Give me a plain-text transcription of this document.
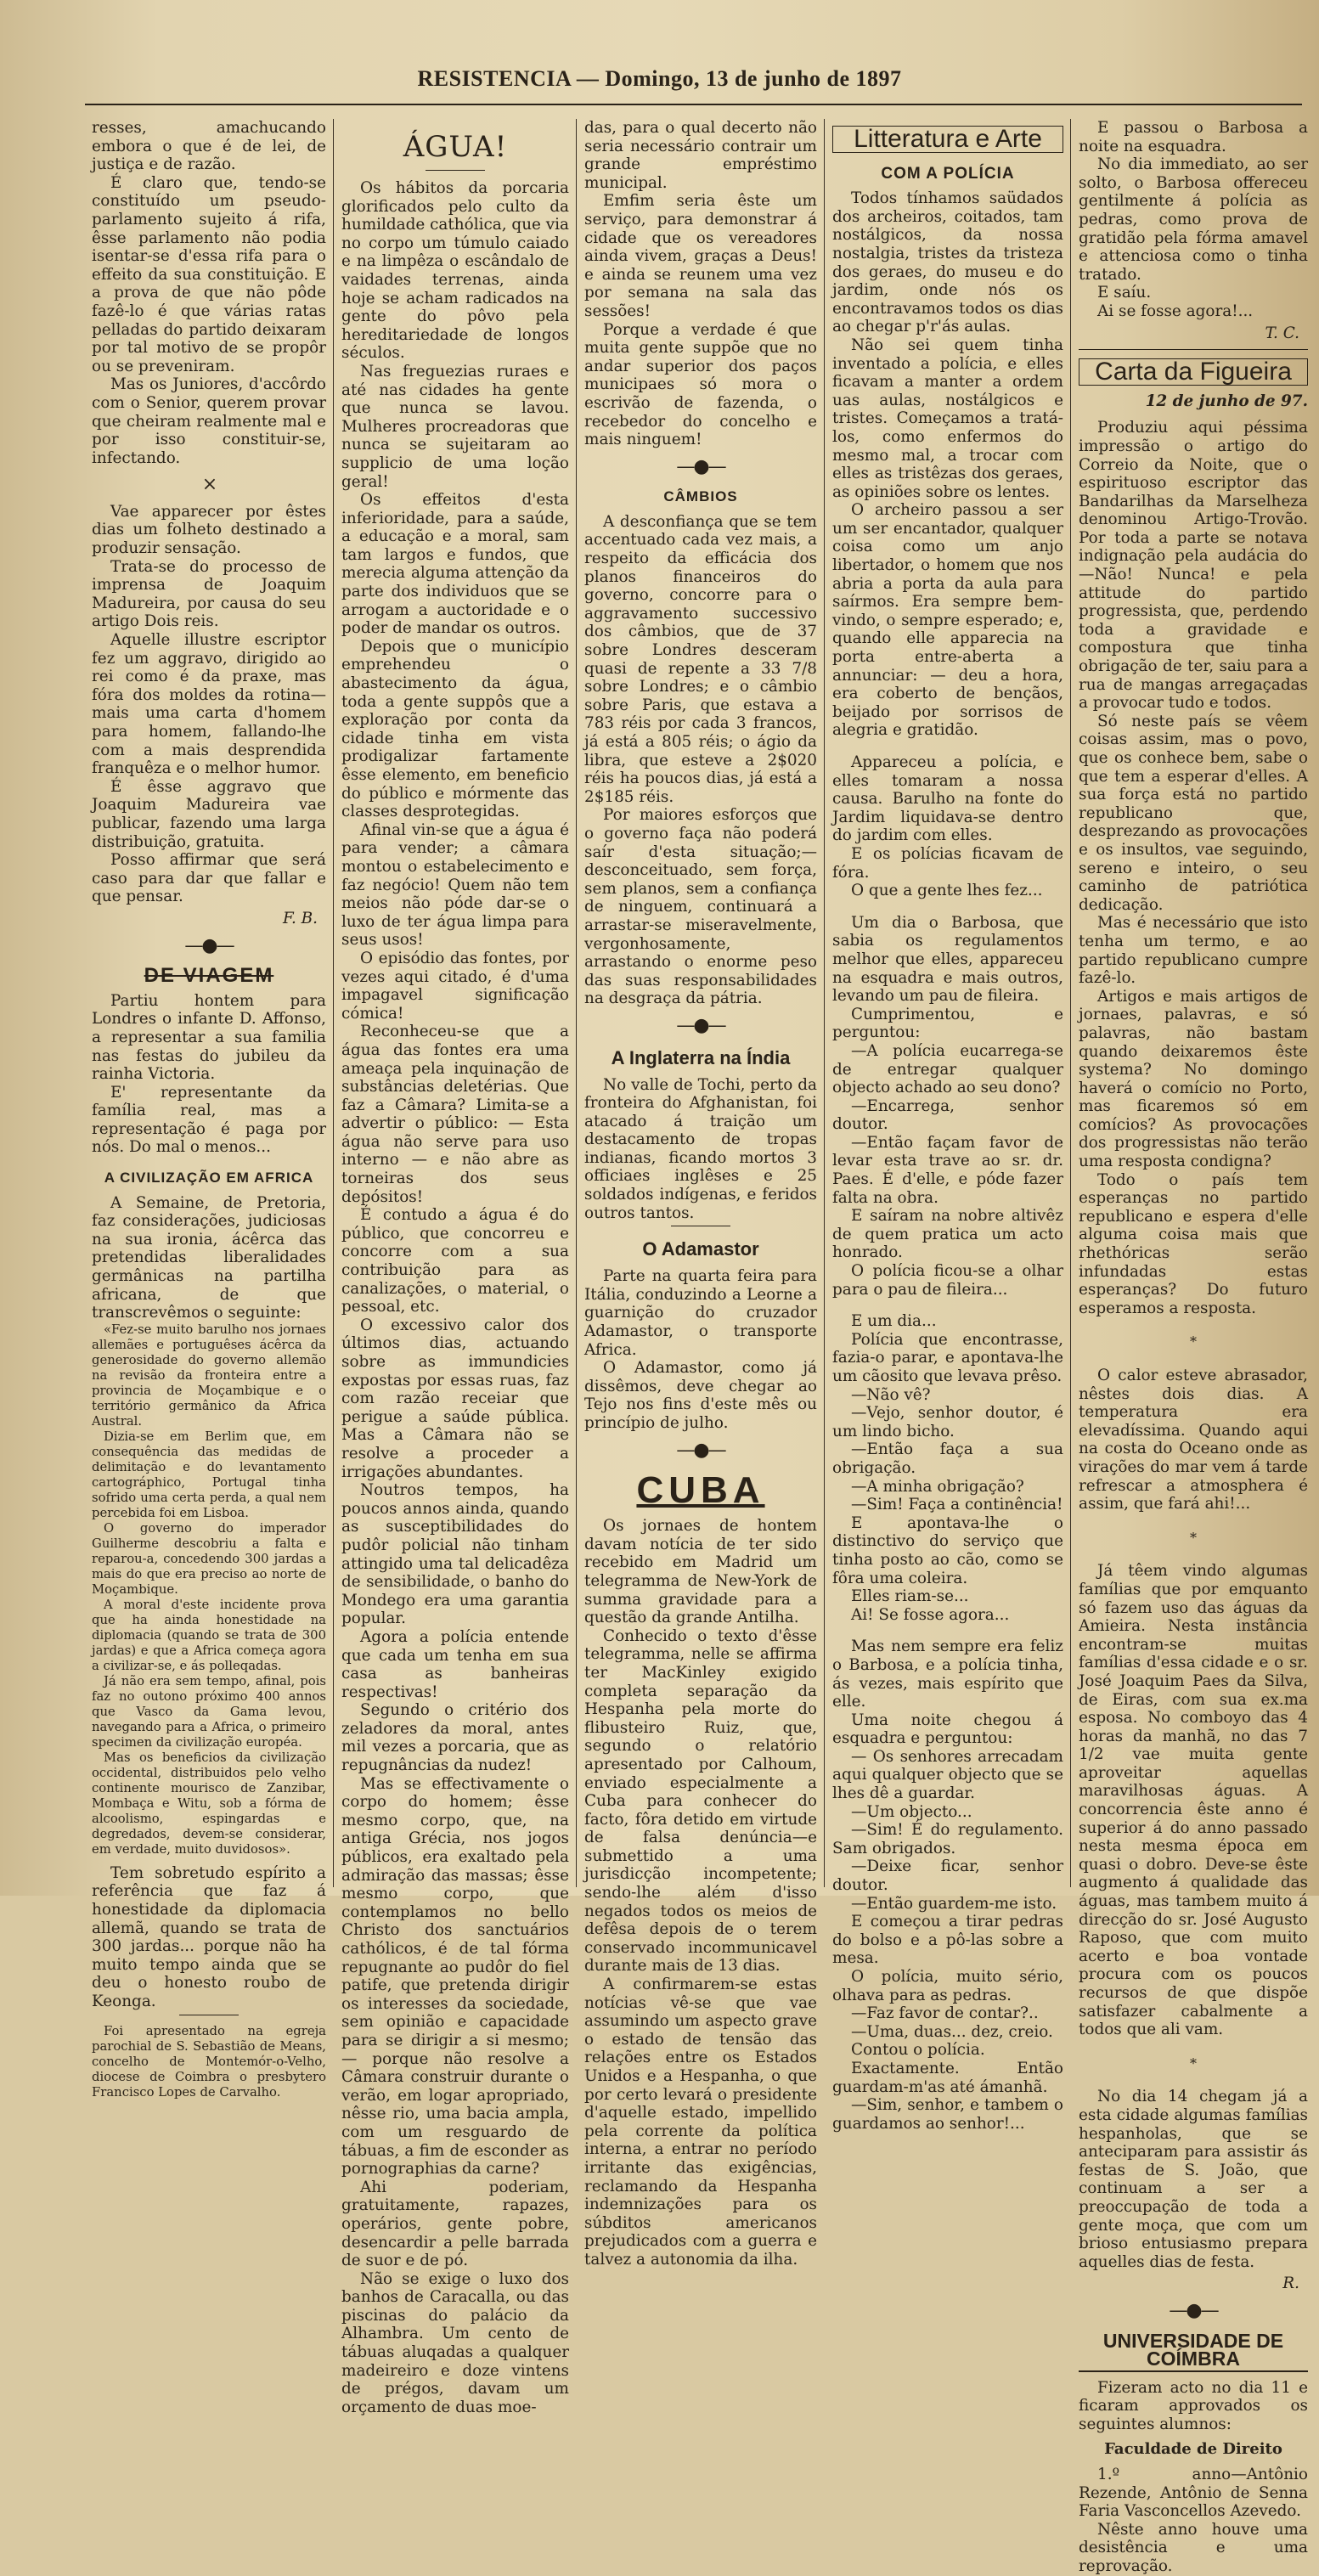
RESISTENCIA — Domingo, 13 de junho de 1897

resses, amachucando embora o que é de lei, de justiça e de razão.

É claro que, tendo-se constituído um pseudo-parlamento sujeito á rifa, êsse parlamento não podia isentar-se d'essa rifa para o effeito da sua constituição. E a prova de que não pôde fazê-lo é que várias ratas pelladas do partido deixaram por tal motivo de se propôr ou se preveniram.

Mas os Juniores, d'accôrdo com o Senior, querem provar que cheiram realmente mal e por isso constituir-se, infectando.

×

Vae apparecer por êstes dias um folheto destinado a produzir sensação.

Trata-se do processo de imprensa de Joaquim Madureira, por causa do seu artigo Dois reis.

Aquelle illustre escriptor fez um aggravo, dirigido ao rei como é da praxe, mas fóra dos moldes da rotina—mais uma carta d'homem para homem, fallando-lhe com a mais desprendida franquêza e o melhor humor.

É êsse aggravo que Joaquim Madureira vae publicar, fazendo uma larga distribuição, gratuita.

Posso affirmar que será caso para dar que fallar e que pensar.

F. B.
—●—
DE VIAGEM

Partiu hontem para Londres o infante D. Affonso, a representar a sua familia nas festas do jubileu da rainha Victoria.

E' representante da família real, mas a representação é paga por nós. Do mal o menos...

A CIVILIZAÇÃO EM AFRICA

A Semaine, de Pretoria, faz considerações, judiciosas na sua ironia, ácêrca das pretendidas liberalidades germânicas na partilha africana, de que transcrevêmos o seguinte:

«Fez-se muito barulho nos jornaes allemães e portuguêses ácêrca da generosidade do governo allemão na revisão da fronteira entre a provincia de Moçambique e o território germânico da Africa Austral.

Dizia-se em Berlim que, em consequência das medidas de delimitação e do levantamento cartográphico, Portugal tinha sofrido uma certa perda, a qual nem percebida foi em Lisboa.

O governo do imperador Guilherme descobriu a falta e reparou-a, concedendo 300 jardas a mais do que era preciso ao norte de Moçambique.

A moral d'este incidente prova que ha ainda honestidade na diplomacia (quando se trata de 300 jardas) e que a Africa começa agora a civilizar-se, e ás polleqadas.

Já não era sem tempo, afinal, pois faz no outono próximo 400 annos que Vasco da Gama levou, navegando para a Africa, o primeiro specimen da civilização européa.

Mas os beneficios da civilização occidental, distribuidos pelo velho continente mourisco de Zanzibar, Mombaça e Witu, sob a fórma de alcoolismo, espingardas e degredados, devem-se considerar, em verdade, muito duvidosos».

Tem sobretudo espírito a referência que faz á honestidade da diplomacia allemã, quando se trata de 300 jardas... porque não ha muito tempo ainda que se deu o honesto roubo de Keonga.

Foi apresentado na egreja parochial de S. Sebastião de Means, concelho de Montemór-o-Velho, diocese de Coimbra o presbytero Francisco Lopes de Carvalho.

ÁGUA!

Os hábitos da porcaria glorificados pelo culto da humildade cathólica, que via no corpo um túmulo caiado e na limpêza o escândalo de vaidades terrenas, ainda hoje se acham radicados na gente do pôvo pela hereditariedade de longos séculos.

Nas freguezias ruraes e até nas cidades ha gente que nunca se lavou. Mulheres procreadoras que nunca se sujeitaram ao supplicio de uma loção geral!

Os effeitos d'esta inferioridade, para a saúde, a educação e a moral, sam tam largos e fundos, que merecia alguma attenção da parte dos individuos que se arrogam a auctoridade e o poder de mandar os outros.

Depois que o município emprehendeu o abastecimento da água, toda a gente suppôs que a exploração por conta da cidade tinha em vista prodigalizar fartamente êsse elemento, em beneficio do público e mórmente das classes desprotegidas.

Afinal vin-se que a água é para vender; a câmara montou o estabelecimento e faz negócio! Quem não tem meios não póde dar-se o luxo de ter água limpa para seus usos!

O episódio das fontes, por vezes aqui citado, é d'uma impagavel significação cómica!

Reconheceu-se que a água das fontes era uma ameaça pela inquinação de substâncias deletérias. Que faz a Câmara? Limita-se a advertir o público: — Esta água não serve para uso interno — e não abre as torneiras dos seus depósitos!

É contudo a água é do público, que concorreu e concorre com a sua contribuição para as canalizações, o material, o pessoal, etc.

O excessivo calor dos últimos dias, actuando sobre as immundicies expostas por essas ruas, faz com razão receiar que perigue a saúde pública. Mas a Câmara não se resolve a proceder a irrigações abundantes.

Noutros tempos, ha poucos annos ainda, quando as susceptibilidades do pudôr policial não tinham attingido uma tal delicadêza de sensibilidade, o banho do Mondego era uma garantia popular.

Agora a polícia entende que cada um tenha em sua casa as banheiras respectivas!

Segundo o critério dos zeladores da moral, antes mil vezes a porcaria, que as repugnâncias da nudez!

Mas se effectivamente o corpo do homem; êsse mesmo corpo, que, na antiga Grécia, nos jogos públicos, era exaltado pela admiração das massas; êsse mesmo corpo, que contemplamos no bello Christo dos sanctuários cathólicos, é de tal fórma repugnante ao pudôr do fiel patife, que pretenda dirigir os interesses da sociedade, sem opinião e capacidade para se dirigir a si mesmo; — porque não resolve a Câmara construir durante o verão, em logar apropriado, nêsse rio, uma bacia ampla, com um resguardo de tábuas, a fim de esconder as pornographias da carne?

Ahi poderiam, gratuitamente, rapazes, operários, gente pobre, desencardir a pelle barrada de suor e de pó.

Não se exige o luxo dos banhos de Caracalla, ou das piscinas do palácio da Alhambra. Um cento de tábuas aluqadas a qualquer madeireiro e doze vintens de prégos, davam um orçamento de duas moe-

das, para o qual decerto não seria necessário contrair um grande empréstimo municipal.

Emfim seria êste um serviço, para demonstrar á cidade que os vereadores ainda vivem, graças a Deus! e ainda se reunem uma vez por semana na sala das sessões!

Porque a verdade é que muita gente suppõe que no andar superior dos paços municipaes só mora o escrivão de fazenda, o recebedor do concelho e mais ninguem!

—●—
CÂMBIOS

A desconfiança que se tem accentuado cada vez mais, a respeito da efficácia dos planos financeiros do governo, concorre para o aggravamento successivo dos câmbios, que de 37 sobre Londres desceram quasi de repente a 33 7/8 sobre Londres; e o câmbio sobre Paris, que estava a 783 réis por cada 3 francos, já está a 805 réis; o ágio da libra, que esteve a 2$020 réis ha poucos dias, já está a 2$185 réis.

Por maiores esforços que o governo faça não poderá saír d'esta situação;—desconceituado, sem força, sem planos, sem a confiança de ninguem, continuará a arrastar-se miseravelmente, vergonhosamente, arrastando o enorme peso das suas responsabilidades na desgraça da pátria.

—●—
A Inglaterra na Índia

No valle de Tochi, perto da fronteira do Afghanistan, foi atacado á traição um destacamento de tropas indianas, ficando mortos 3 officiaes inglêses e 25 soldados indígenas, e feridos outros tantos.

O Adamastor

Parte na quarta feira para Itália, conduzindo a Leorne a guarnição do cruzador Adamastor, o transporte Africa.

O Adamastor, como já dissêmos, deve chegar ao Tejo nos fins d'este mês ou princípio de julho.

—●—
CUBA

Os jornaes de hontem davam notícia de ter sido recebido em Madrid um telegramma de New-York de summa gravidade para a questão da grande Antilha.

Conhecido o texto d'êsse telegramma, nelle se affirma ter MacKinley exigido completa separação da Hespanha pela morte do flibusteiro Ruiz, que, segundo o relatório apresentado por Calhoum, enviado especialmente a Cuba para conhecer do facto, fôra detido em virtude de falsa denúncia—e submettido a uma jurisdicção incompetente; sendo-lhe além d'isso negados todos os meios de defêsa depois de o terem conservado incommunicavel durante mais de 13 dias.

A confirmarem-se estas notícias vê-se que vae assumindo um aspecto grave o estado de tensão das relações entre os Estados Unidos e a Hespanha, o que por certo levará o presidente d'aquelle estado, impellido pela corrente da política interna, a entrar no período irritante das exigências, reclamando da Hespanha indemnizações para os súbditos americanos prejudicados com a guerra e talvez a autonomia da ilha.

Litteratura e Arte
COM A POLÍCIA

Todos tínhamos saüdados dos archeiros, coitados, tam nostálgicos, da nossa nostalgia, tristes da tristeza dos geraes, do museu e do jardim, onde nós os encontravamos todos os dias ao chegar p'r'ás aulas.

Não sei quem tinha inventado a polícia, e elles ficavam a manter a ordem uas aulas, nostálgicos e tristes. Começamos a tratá-los, como enfermos do mesmo mal, a trocar com elles as tristêzas dos geraes, as opiniões sobre os lentes.

O archeiro passou a ser um ser encantador, qualquer coisa como um anjo libertador, o homem que nos abria a porta da aula para saírmos. Era sempre bem-vindo, o sempre esperado; e, quando elle apparecia na porta entre-aberta a annunciar: — deu a hora, era coberto de bençãos, beijado por sorrisos de alegria e gratidão.

Appareceu a polícia, e elles tomaram a nossa causa. Barulho na fonte do Jardim liquidava-se dentro do jardim com elles.

E os polícias ficavam de fóra.

O que a gente lhes fez...

Um dia o Barbosa, que sabia os regulamentos melhor que elles, appareceu na esquadra e mais outros, levando um pau de fileira.

Cumprimentou, e perguntou:

—A polícia eucarrega-se de entregar qualquer objecto achado ao seu dono?

—Encarrega, senhor doutor.

—Então façam favor de levar esta trave ao sr. dr. Paes. É d'elle, e póde fazer falta na obra.

E saíram na nobre altivêz de quem pratica um acto honrado.

O polícia ficou-se a olhar para o pau de fileira...

E um dia...

Polícia que encontrasse, fazia-o parar, e apontava-lhe um cãosito que levava prêso.

—Não vê?

—Vejo, senhor doutor, é um lindo bicho.

—Então faça a sua obrigação.

—A minha obrigação?

—Sim! Faça a continência!

E apontava-lhe o distinctivo do serviço que tinha posto ao cão, como se fôra uma coleira.

Elles riam-se...

Ai! Se fosse agora...

Mas nem sempre era feliz o Barbosa, e a polícia tinha, ás vezes, mais espírito que elle.

Uma noite chegou á esquadra e perguntou:

— Os senhores arrecadam aqui qualquer objecto que se lhes dê a guardar.

—Um objecto...

—Sim! É do regulamento. Sam obrigados.

—Deixe ficar, senhor doutor.

—Então guardem-me isto.

E começou a tirar pedras do bolso e a pô-las sobre a mesa.

O polícia, muito sério, olhava para as pedras.

—Faz favor de contar?..

—Uma, duas... dez, creio.

Contou o polícia.

Exactamente. Então guardam-m'as até ámanhã.

—Sim, senhor, e tambem o guardamos ao senhor!...

E passou o Barbosa a noite na esquadra.

No dia immediato, ao ser solto, o Barbosa offereceu gentilmente á polícia as pedras, como prova de gratidão pela fórma amavel e attenciosa como o tinha tratado.

E saíu.

Ai se fosse agora!...

T. C.
Carta da Figueira
12 de junho de 97.

Produziu aqui péssima impressão o artigo do Correio da Noite, que o espirituoso escriptor das Bandarilhas da Marselheza denominou Artigo-Trovão. Por toda a parte se notava indignação pela audácia do—Não! Nunca! e pela attitude do partido progressista, que, perdendo toda a gravidade e compostura que tinha obrigação de ter, saiu para a rua de mangas arregaçadas a provocar tudo e todos.

Só neste país se vêem coisas assim, mas o povo, que os conhece bem, sabe o que tem a esperar d'elles. A sua força está no partido republicano que, desprezando as provocações e os insultos, vae seguindo, sereno e inteiro, o seu caminho de patriótica dedicação.

Mas é necessário que isto tenha um termo, e ao partido republicano cumpre fazê-lo.

Artigos e mais artigos de jornaes, palavras, e só palavras, não bastam quando deixaremos êste systema? No domingo haverá o comício no Porto, mas ficaremos só em comícios? As provocações dos progressistas não terão uma resposta condigna?

Todo o país tem esperanças no partido republicano e espera d'elle alguma coisa mais que rhethóricas serão infundadas estas esperanças? Do futuro esperamos a resposta.

*

O calor esteve abrasador, nêstes dois dias. A temperatura era elevadíssima. Quando aqui na costa do Oceano onde as virações do mar vem á tarde refrescar a atmosphera é assim, que fará ahi!...

*

Já têem vindo algumas famílias que por emquanto só fazem uso das águas da Amieira. Nesta instância encontram-se muitas famílias d'essa cidade e o sr. José Joaquim Paes da Silva, de Eiras, com sua ex.ma esposa. No comboyo das 4 horas da manhã, no das 7 1/2 vae muita gente aproveitar aquellas maravilhosas águas. A concorrencia êste anno é superior á do anno passado nesta mesma época em quasi o dobro. Deve-se êste augmento á qualidade das águas, mas tambem muito á direcção do sr. José Augusto Raposo, que com muito acerto e boa vontade procura com os poucos recursos de que dispõe satisfazer cabalmente a todos que ali vam.

*

No dia 14 chegam já a esta cidade algumas famílias hespanholas, que se anteciparam para assistir ás festas de S. João, que continuam a ser a preoccupação de toda a gente moça, que com um brioso entusiasmo prepara aquelles dias de festa.

R.
—●—
UNIVERSIDADE DE COÍMBRA

Fizeram acto no dia 11 e ficaram approvados os seguintes alumnos:

Faculdade de Direito

1.º anno—Antônio Rezende, Antônio de Senna Faria Vasconcellos Azevedo.

Nêste anno houve uma desistência e uma reprovação.
